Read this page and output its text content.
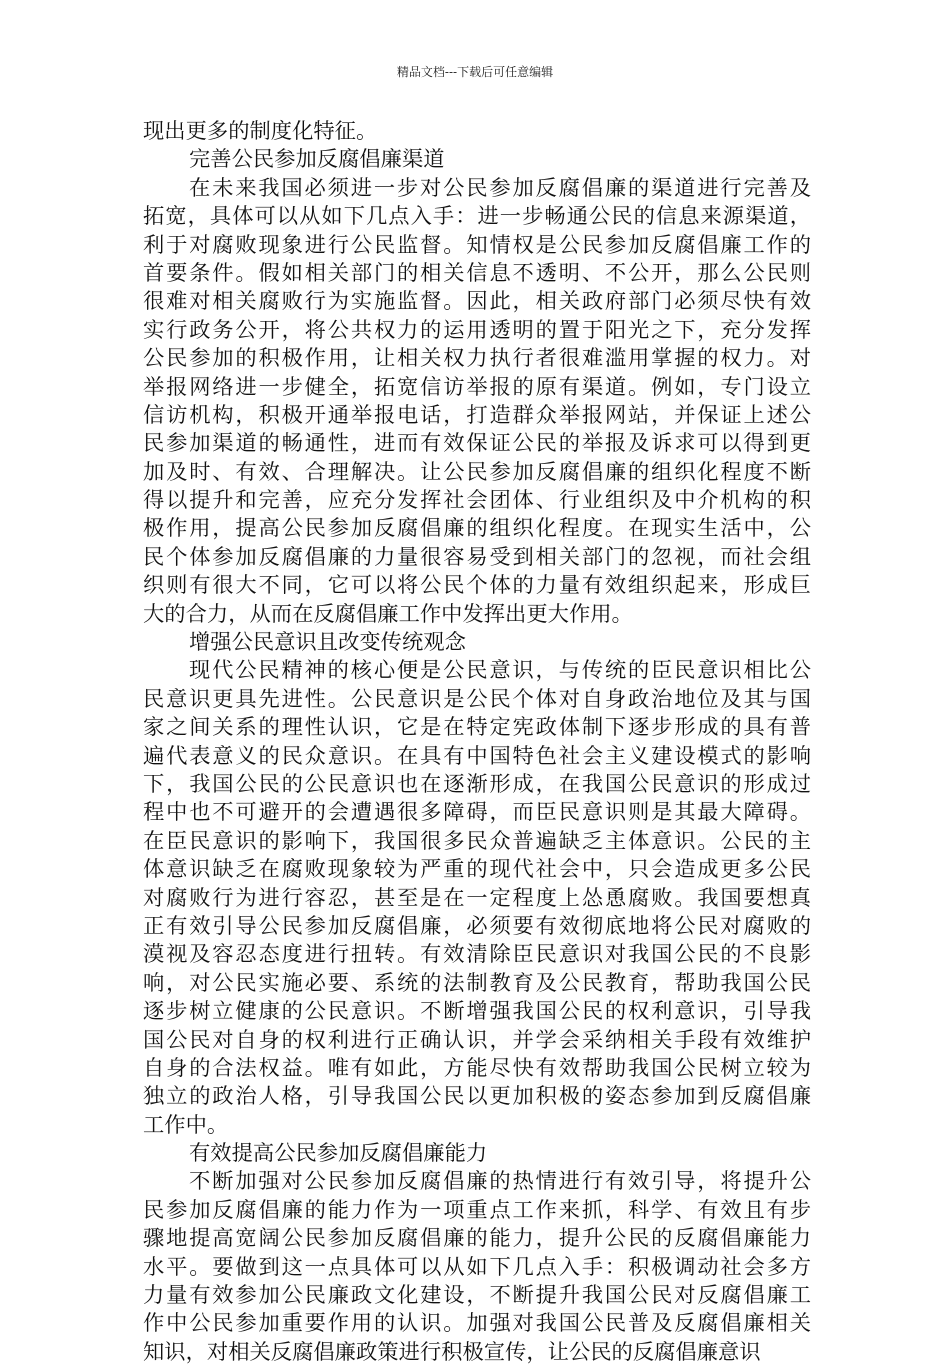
精品文档---下载后可任意编辑
现出更多的制度化特征。
完善公民参加反腐倡廉渠道
在未来我国必须进一步对公民参加反腐倡廉的渠道进行完善及
拓宽，具体可以从如下几点入手：进一步畅通公民的信息来源渠道，
利于对腐败现象进行公民监督。知情权是公民参加反腐倡廉工作的
首要条件。假如相关部门的相关信息不透明、不公开，那么公民则
很难对相关腐败行为实施监督。因此，相关政府部门必须尽快有效
实行政务公开，将公共权力的运用透明的置于阳光之下，充分发挥
公民参加的积极作用，让相关权力执行者很难滥用掌握的权力。对
举报网络进一步健全，拓宽信访举报的原有渠道。例如，专门设立
信访机构，积极开通举报电话，打造群众举报网站，并保证上述公
民参加渠道的畅通性，进而有效保证公民的举报及诉求可以得到更
加及时、有效、合理解决。让公民参加反腐倡廉的组织化程度不断
得以提升和完善，应充分发挥社会团体、行业组织及中介机构的积
极作用，提高公民参加反腐倡廉的组织化程度。在现实生活中，公
民个体参加反腐倡廉的力量很容易受到相关部门的忽视，而社会组
织则有很大不同，它可以将公民个体的力量有效组织起来，形成巨
大的合力，从而在反腐倡廉工作中发挥出更大作用。
增强公民意识且改变传统观念
现代公民精神的核心便是公民意识，与传统的臣民意识相比公
民意识更具先进性。公民意识是公民个体对自身政治地位及其与国
家之间关系的理性认识，它是在特定宪政体制下逐步形成的具有普
遍代表意义的民众意识。在具有中国特色社会主义建设模式的影响
下，我国公民的公民意识也在逐渐形成，在我国公民意识的形成过
程中也不可避开的会遭遇很多障碍，而臣民意识则是其最大障碍。
在臣民意识的影响下，我国很多民众普遍缺乏主体意识。公民的主
体意识缺乏在腐败现象较为严重的现代社会中，只会造成更多公民
对腐败行为进行容忍，甚至是在一定程度上怂恿腐败。我国要想真
正有效引导公民参加反腐倡廉，必须要有效彻底地将公民对腐败的
漠视及容忍态度进行扭转。有效清除臣民意识对我国公民的不良影
响，对公民实施必要、系统的法制教育及公民教育，帮助我国公民
逐步树立健康的公民意识。不断增强我国公民的权利意识，引导我
国公民对自身的权利进行正确认识，并学会采纳相关手段有效维护
自身的合法权益。唯有如此，方能尽快有效帮助我国公民树立较为
独立的政治人格，引导我国公民以更加积极的姿态参加到反腐倡廉
工作中。
有效提高公民参加反腐倡廉能力
不断加强对公民参加反腐倡廉的热情进行有效引导，将提升公
民参加反腐倡廉的能力作为一项重点工作来抓，科学、有效且有步
骤地提高宽阔公民参加反腐倡廉的能力，提升公民的反腐倡廉能力
水平。要做到这一点具体可以从如下几点入手：积极调动社会多方
力量有效参加公民廉政文化建设，不断提升我国公民对反腐倡廉工
作中公民参加重要作用的认识。加强对我国公民普及反腐倡廉相关
知识，对相关反腐倡廉政策进行积极宣传，让公民的反腐倡廉意识
